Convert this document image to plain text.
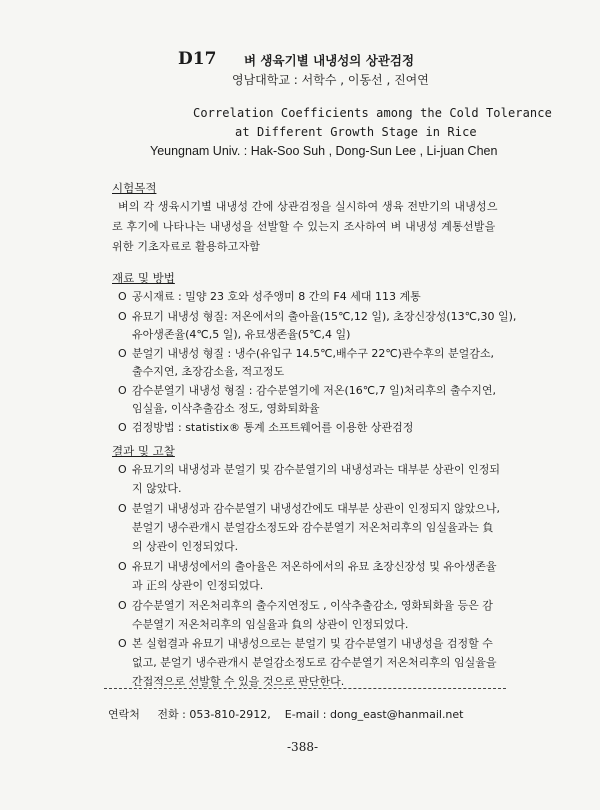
D17 벼 생육기별 내냉성의 상관검정
영남대학교 : 서학수 , 이동선 , 진여연
Correlation Coefficients among the Cold Tolerance
at Different Growth Stage in Rice
Yeungnam Univ. : Hak-Soo Suh , Dong-Sun Lee , Li-juan Chen
시험목적
벼의 각 생육시기별 내냉성 간에 상관검정을 실시하여 생육 전반기의 내냉성으
로 후기에 나타나는 내냉성을 선발할 수 있는지 조사하여 벼 내냉성 계통선발을
위한 기초자료로 활용하고자함
재료 및 방법
O 공시재료 : 밀양 23 호와 성주앵미 8 간의 F4 세대 113 계통
O 유묘기 내냉성 형질: 저온에서의 출아율(15℃,12 일), 초장신장성(13℃,30 일),
유아생존율(4℃,5 일), 유묘생존율(5℃,4 일)
O 분얼기 내냉성 형질 : 냉수(유입구 14.5℃,배수구 22℃)관수후의 분얼감소,
출수지연, 초장감소율, 적고정도
O 감수분열기 내냉성 형질 : 감수분열기에 저온(16℃,7 일)처리후의 출수지연,
임실율, 이삭추출감소 정도, 영화퇴화율
O 검정방법 : statistix® 통계 소프트웨어를 이용한 상관검정
결과 및 고찰
O 유묘기의 내냉성과 분얼기 및 감수분열기의 내냉성과는 대부분 상관이 인정되
지 않았다.
O 분얼기 내냉성과 감수분열기 내냉성간에도 대부분 상관이 인정되지 않았으나,
분얼기 냉수관개시 분얼감소정도와 감수분열기 저온처리후의 임실율과는 負
의 상관이 인정되었다.
O 유묘기 내냉성에서의 출아율은 저온하에서의 유묘 초장신장성 및 유아생존율
과 正의 상관이 인정되었다.
O 감수분열기 저온처리후의 출수지연정도 , 이삭추출감소, 영화퇴화율 등은 감
수분열기 저온처리후의 임실율과 負의 상관이 인정되었다.
O 본 실험결과 유묘기 내냉성으로는 분얼기 및 감수분열기 내냉성을 검정할 수
없고, 분얼기 냉수관개시 분얼감소정도로 감수분열기 저온처리후의 임실율을
간접적으로 선발할 수 있을 것으로 판단한다.
연락처 전화 : 053-810-2912, E-mail : dong_east@hanmail.net
-388-
